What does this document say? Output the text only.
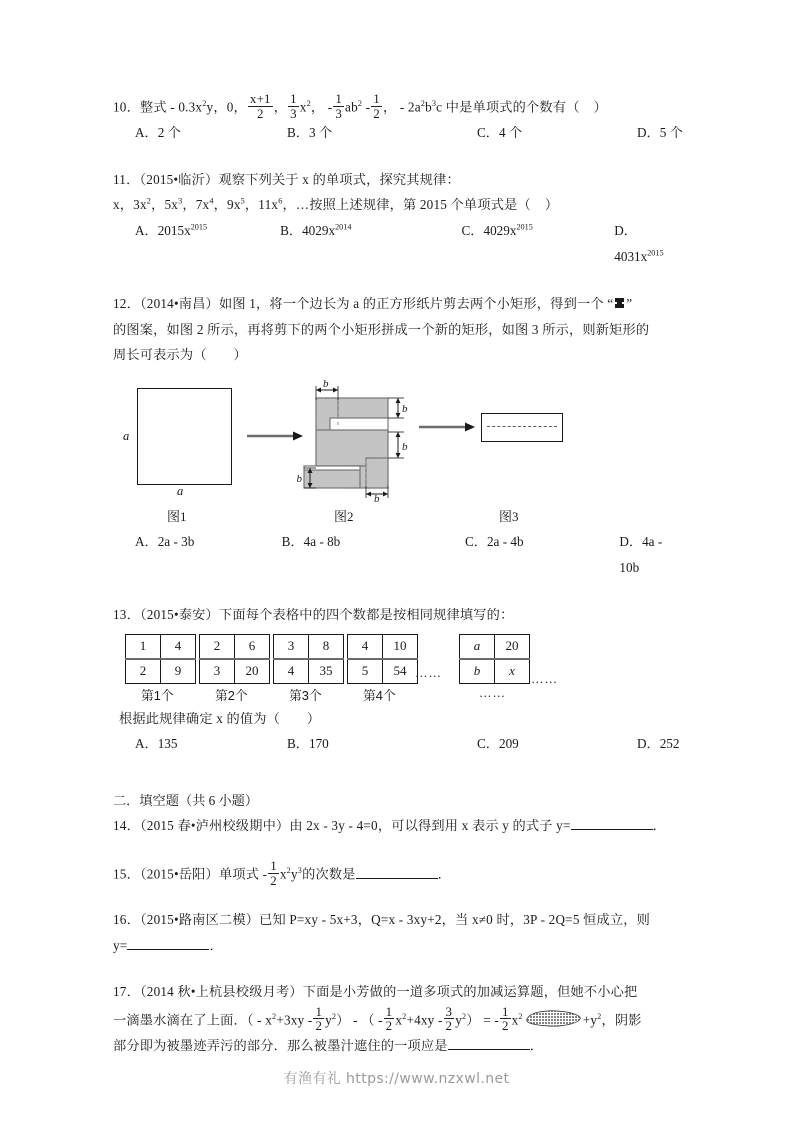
10．整式 - $0.3x^2y$，0， $\frac{x+1}{2}$ ， $\frac{1}{3} x^2$， - $\frac{1}{3} ab^2 - \frac{1}{2}$ ， - $2a^2b^3c$ 中是单项式的个数有（    ）
A．2 个	B．3 个	C．4 个	D．5 个
11．（2015•临沂）观察下列关于 x 的单项式，探究其规律：
x，$3x^2$，$5x^3$，$7x^4$，$9x^5$，$11x^6$，…按照上述规律，第 2015 个单项式是（    ）
A．$2015x^{2015}$	B．$4029x^{2014}$	C．$4029x^{2015}$	D．$4031x^{2015}$
12．（2014•南昌）如图 1，将一个边长为 a 的正方形纸片剪去两个小矩形，得到一个 “ ”
的图案，如图 2 所示，再将剪下的两个小矩形拼成一个新的矩形，如图 3 所示，则新矩形的
周长可表示为（　　）
a
a
b
b
b
b
b
图1	图2	图3
A．2a - 3b	B．4a - 8b	C．2a - 4b	D．4a - 10b
13．（2015•泰安）下面每个表格中的四个数都是按相同规律填写的：
1	4
2	9
第1个
2	6
3	20
第2个
3	8
4	35
第3个
4	10
5	54
第4个
……
a	20
b	x
……
……
根据此规律确定 x 的值为（　　）
A．135	B．170	C．209	D．252
二．填空题（共 6 小题）
14．（2015 春•泸州校级期中）由 2x - 3y - 4=0，可以得到用 x 表示 y 的式子 y=	．
15．（2015•岳阳）单项式 - $\frac{1}{2} x^2y^3$的次数是	．
16．（2015•路南区二模）已知 P=xy - 5x+3，Q=x - 3xy+2，当 x≠0 时，3P - 2Q=5 恒成立，则
y=	．
17．（2014 秋•上杭县校级月考）下面是小芳做的一道多项式的加减运算题，但她不小心把
一滴墨水滴在了上面．（ - $x^2+3xy - \frac{1}{2} y^2$） - （ - $\frac{1}{2} x^2+4xy - \frac{3}{2} y^2$） = - $\frac{1}{2} x^2$	$+y^2$，阴影
部分即为被墨迹弄污的部分．那么被墨汁遮住的一项应是	．
有渔有礼 https://www.nzxwl.net
